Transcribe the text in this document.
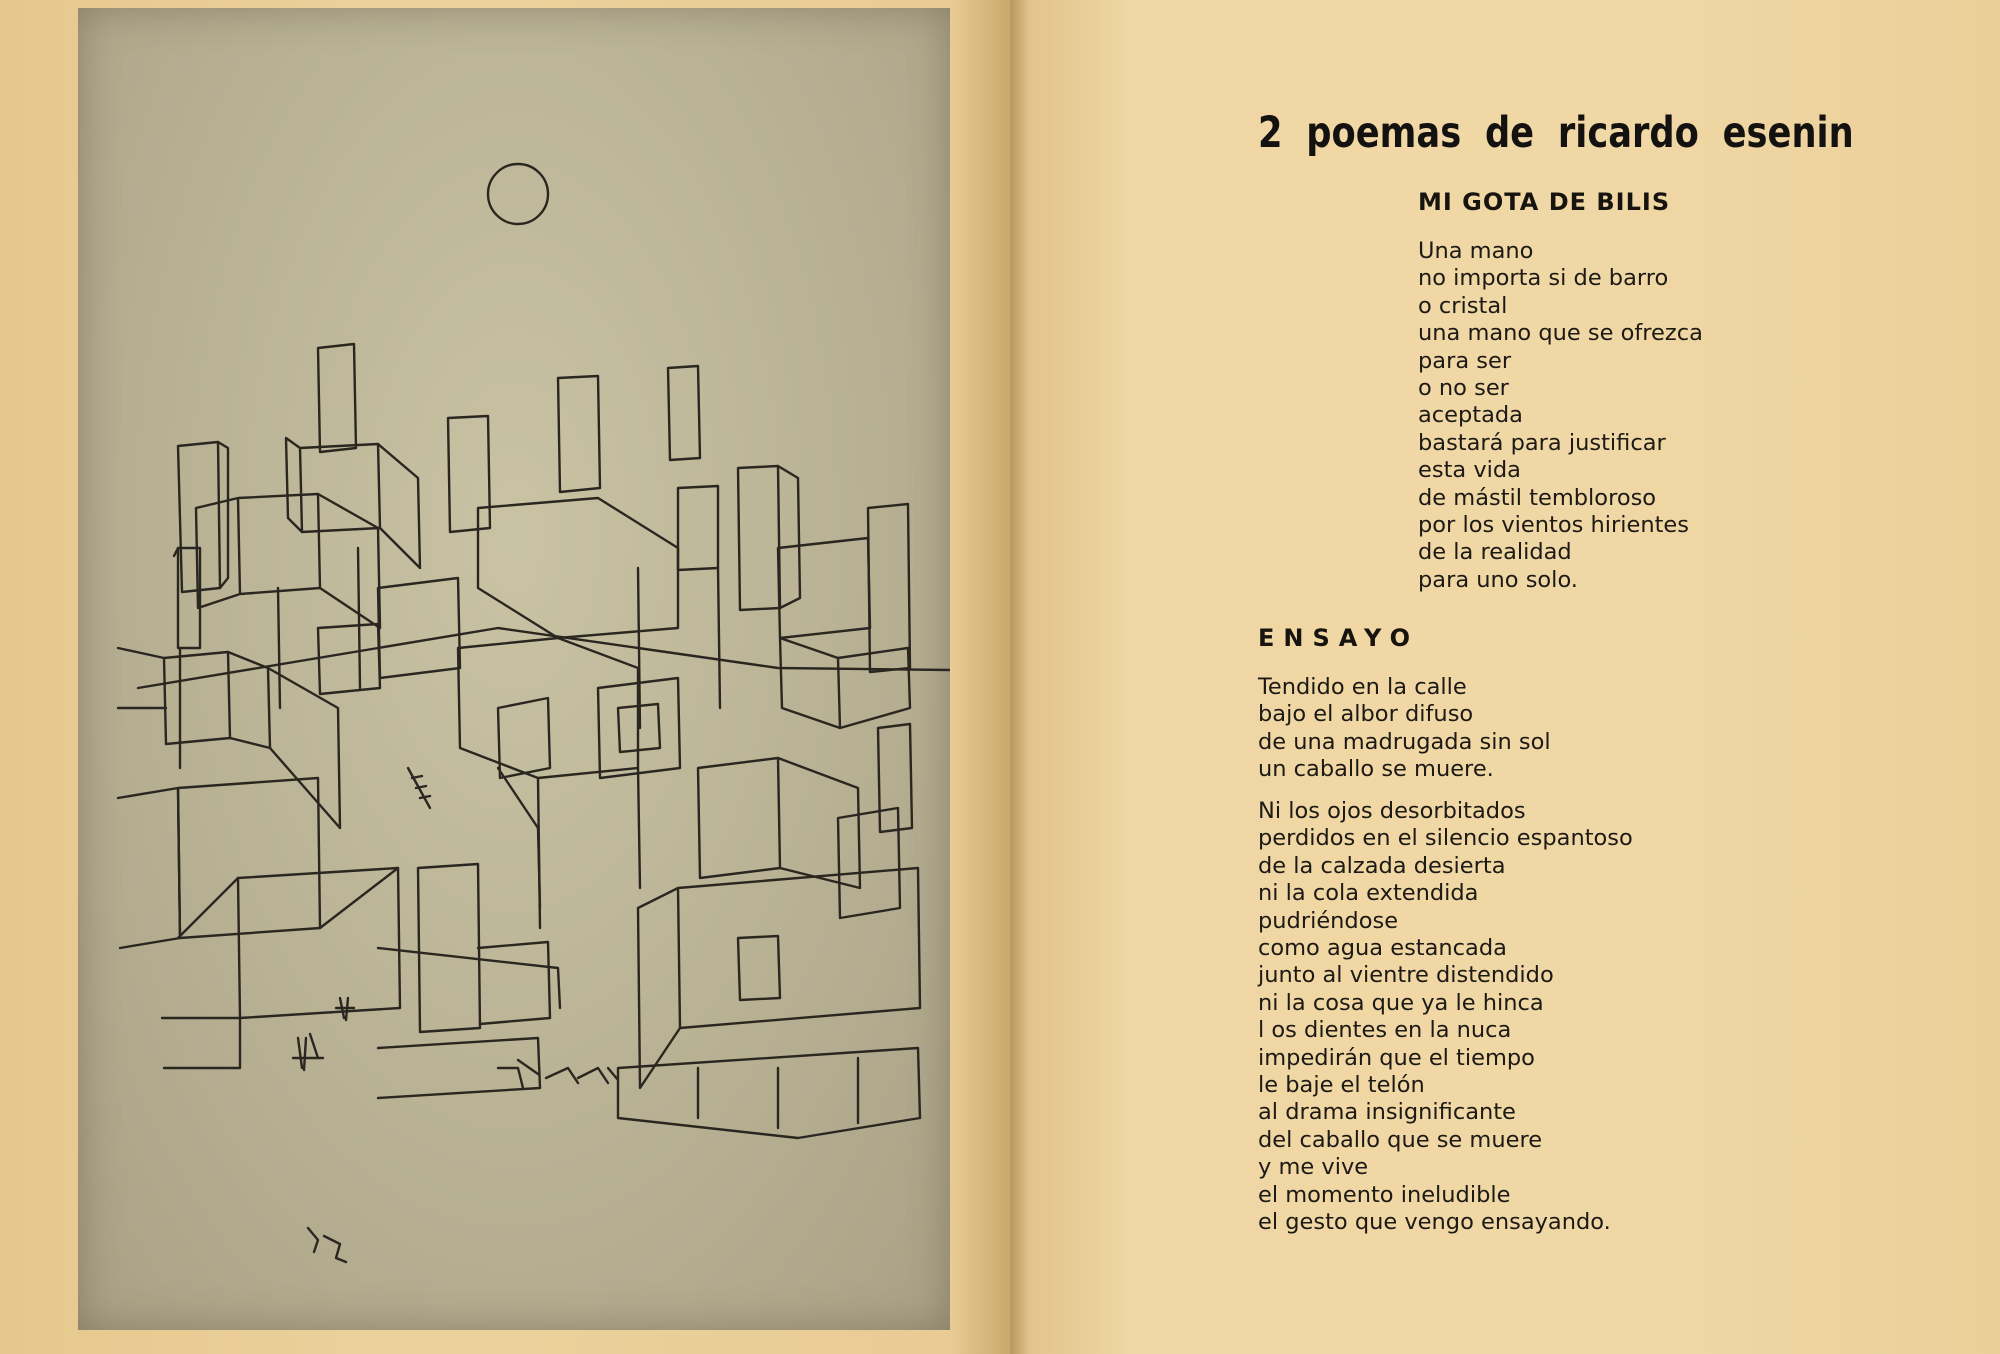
2 poemas de ricardo esenin
MI GOTA DE BILIS
Una mano
no importa si de barro
o cristal
una mano que se ofrezca
para ser
o no ser
aceptada
bastará para justificar
esta vida
de mástil tembloroso
por los vientos hirientes
de la realidad
para uno solo.
ENSAYO
Tendido en la calle
bajo el albor difuso
de una madrugada sin sol
un caballo se muere.
Ni los ojos desorbitados
perdidos en el silencio espantoso
de la calzada desierta
ni la cola extendida
pudriéndose
como agua estancada
junto al vientre distendido
ni la cosa que ya le hinca
l os dientes en la nuca
impedirán que el tiempo
le baje el telón
al drama insignificante
del caballo que se muere
y me vive
el momento ineludible
el gesto que vengo ensayando.
